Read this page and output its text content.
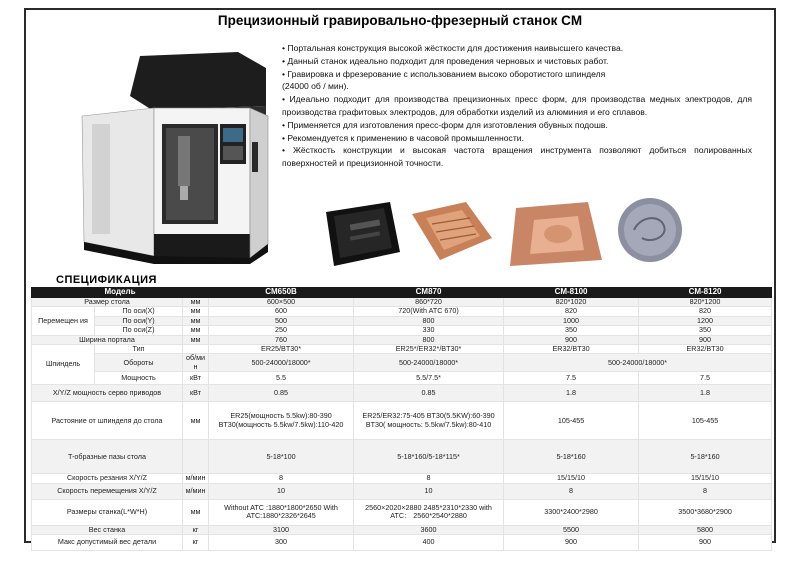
Прецизионный гравировально-фрезерный станок CM

• Портальная конструкция высокой жёсткости для достижения наивысшего качества.

• Данный станок идеально подходит для проведения черновых и чистовых работ.

• Гравировка и фрезерование с использованием высоко оборотистого шпинделя

(24000 об / мин).

• Идеально подходит для производства прецизионных пресс форм, для производства медных электродов, для производства графитовых электродов, для обработки изделий из алюминия и его сплавов.

• Применяется для изготовления пресс-форм для изготовления обувных подошв.

• Рекомендуется к применению в часовой промышленности.

• Жёсткость конструкции и высокая частота вращения инструмента позволяют добиться полированных поверхностей и прецизионной точности.

СПЕЦИФИКАЦИЯ
Модель			CM650B	CM870	CM-8100	CM-8120
Размер стола		мм	600×500	860*720	820*1020	820*1200
Перемещен ия	По оси(X)	мм	600	720(With ATC 670)	820	820
	По оси(Y)	мм	500	800	1000	1200
	По оси(Z)	мм	250	330	350	350
Ширина портала		мм	760	800	900	900
Шпиндель	Тип		ER25/BT30*	ER25*/ER32*/BT30*	ER32/BT30	ER32/BT30
	Обороты	об/ми н	500-24000/18000*	500-24000/18000*	500-24000/18000*	
	Мощность	кВт	5.5	5.5/7.5*	7.5	7.5
X/Y/Z мощность серво приводов		кВт	0.85	0.85	1.8	1.8
Растояние от шпинделя до стола		мм	ER25(мощность 5.5kw):80-390 BT30(мощность 5.5kw/7.5kw):110-420	ER25/ER32:75-405 BT30(5.5KW):60-390 BT30( мощность: 5.5kw/7.5kw):80-410	105-455	105-455
T-образные пазы стола			5-18*100	5-18*160/5-18*115*	5-18*160	5-18*160
Скорость резания X/Y/Z		м/мин	8	8	15/15/10	15/15/10
Скорость перемещения X/Y/Z		м/мин	10	10	8	8
Размеры станка(L*W*H)		мм	Without ATC :1880*1800*2650 With ATC:1880*2326*2645	2560×2020×2880 2485*2310*2330 with ATC： 2560*2540*2880	3300*2400*2980	3500*3680*2900
Вес станка		кг	3100	3600	5500	5800
Макс допустимый вес детали		кг	300	400	900	900
